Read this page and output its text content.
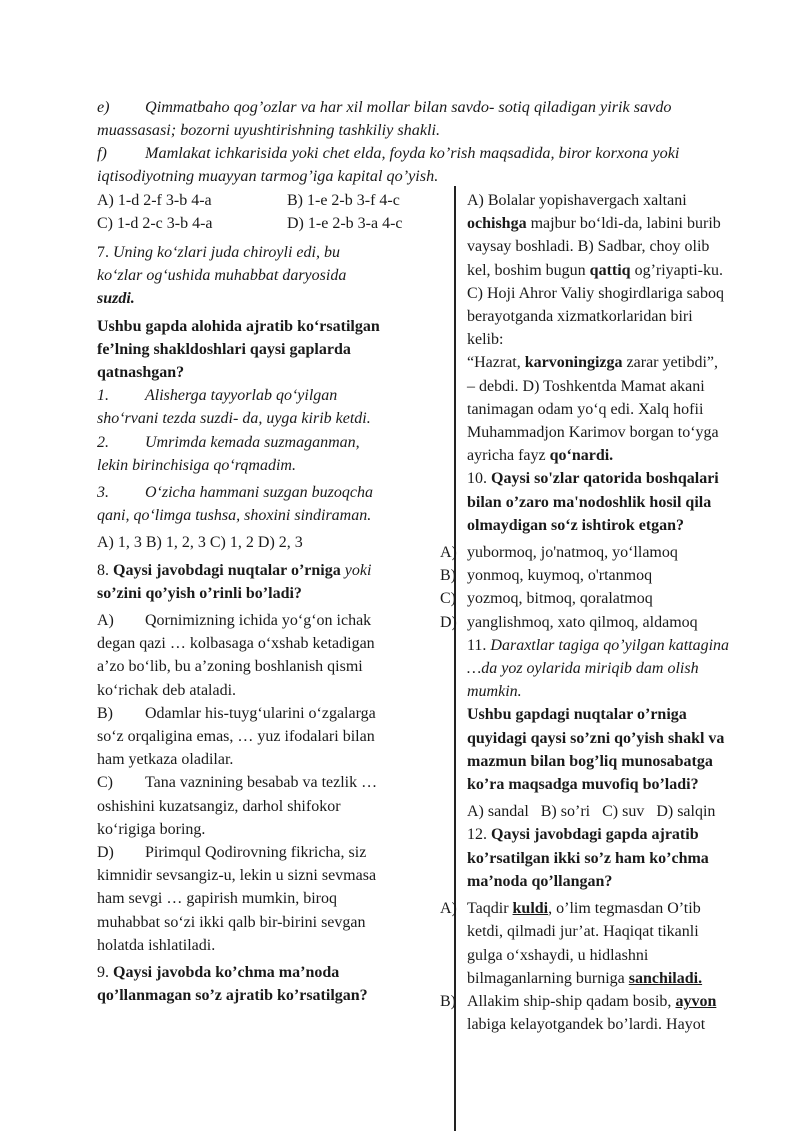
e) Qimmatbaho qog’ozlar va har xil mollar bilan savdo- sotiq qiladigan yirik savdo

muassasasi; bozorni uyushtirishning tashkiliy shakli.

f) Mamlakat ichkarisida yoki chet elda, foyda ko’rish maqsadida, biror korxona yoki

iqtisodiyotning muayyan tarmog’iga kapital qo’yish.

A) 1-d 2-f 3-b 4-a	B) 1-e 2-b 3-f 4-c
C) 1-d 2-c 3-b 4-a	D) 1-e 2-b 3-a 4-c

7. Uning ko‘zlari juda chiroyli edi, bu

ko‘zlar og‘ushida muhabbat daryosida

suzdi.

Ushbu gapda alohida ajratib ko‘rsatilgan

fe’lning shakldoshlari qaysi gaplarda

qatnashgan?

1. Alisherga tayyorlab qo‘yilgan

sho‘rvani tezda suzdi- da, uyga kirib ketdi.

2. Umrimda kemada suzmaganman,

lekin birinchisiga qo‘rqmadim.

3. O‘zicha hammani suzgan buzoqcha

qani, qo‘limga tushsa, shoxini sindiraman.

A) 1, 3 B) 1, 2, 3 C) 1, 2 D) 2, 3

8. Qaysi javobdagi nuqtalar o’rniga yoki

so’zini qo’yish o’rinli bo’ladi?

A) Qornimizning ichida yo‘g‘on ichak

degan qazi … kolbasaga o‘xshab ketadigan

a’zo bo‘lib, bu a’zoning boshlanish qismi

ko‘richak deb ataladi.

B) Odamlar his-tuyg‘ularini o‘zgalarga

so‘z orqaligina emas, … yuz ifodalari bilan

ham yetkaza oladilar.

C) Tana vaznining besabab va tezlik …

oshishini kuzatsangiz, darhol shifokor

ko‘rigiga boring.

D) Pirimqul Qodirovning fikricha, siz

kimnidir sevsangiz-u, lekin u sizni sevmasa

ham sevgi … gapirish mumkin, biroq

muhabbat so‘zi ikki qalb bir-birini sevgan

holatda ishlatiladi.

9. Qaysi javobda ko’chma ma’noda

qo’llanmagan so’z ajratib ko’rsatilgan?

A) Bolalar yopishavergach xaltani

ochishga majbur bo‘ldi-da, labini burib

vaysay boshladi. B) Sadbar, choy olib

kel, boshim bugun qattiq og’riyapti-ku.

C) Hoji Ahror Valiy shogirdlariga saboq

berayotganda xizmatkorlaridan biri

kelib:

“Hazrat, karvoningizga zarar yetibdi”,

– debdi. D) Toshkentda Mamat akani

tanimagan odam yo‘q edi. Xalq hofii

Muhammadjon Karimov borgan to‘yga

ayricha fayz qo‘nardi.

10. Qaysi so'zlar qatorida boshqalari

bilan o’zaro ma'nodoshlik hosil qila

olmaydigan so‘z ishtirok etgan?

A) yubormoq, jo'natmoq, yo‘llamoq

B) yonmoq, kuymoq, o'rtanmoq

C) yozmoq, bitmoq, qoralatmoq

D) yanglishmoq, xato qilmoq, aldamoq

11. Daraxtlar tagiga qo’yilgan kattagina

…da yoz oylarida miriqib dam olish

mumkin.

Ushbu gapdagi nuqtalar o’rniga

quyidagi qaysi so’zni qo’yish shakl va

mazmun bilan bog’liq munosabatga

ko’ra maqsadga muvofiq bo’ladi?

A) sandal   B) so’ri   C) suv   D) salqin

12. Qaysi javobdagi gapda ajratib

ko’rsatilgan ikki so’z ham ko’chma

ma’noda qo’llangan?

A) Taqdir kuldi, o’lim tegmasdan O’tib

ketdi, qilmadi jur’at. Haqiqat tikanli

gulga o‘xshaydi, u hidlashni

bilmaganlarning burniga sanchiladi.

B) Allakim ship-ship qadam bosib, ayvon

labiga kelayotgandek bo’lardi. Hayot
